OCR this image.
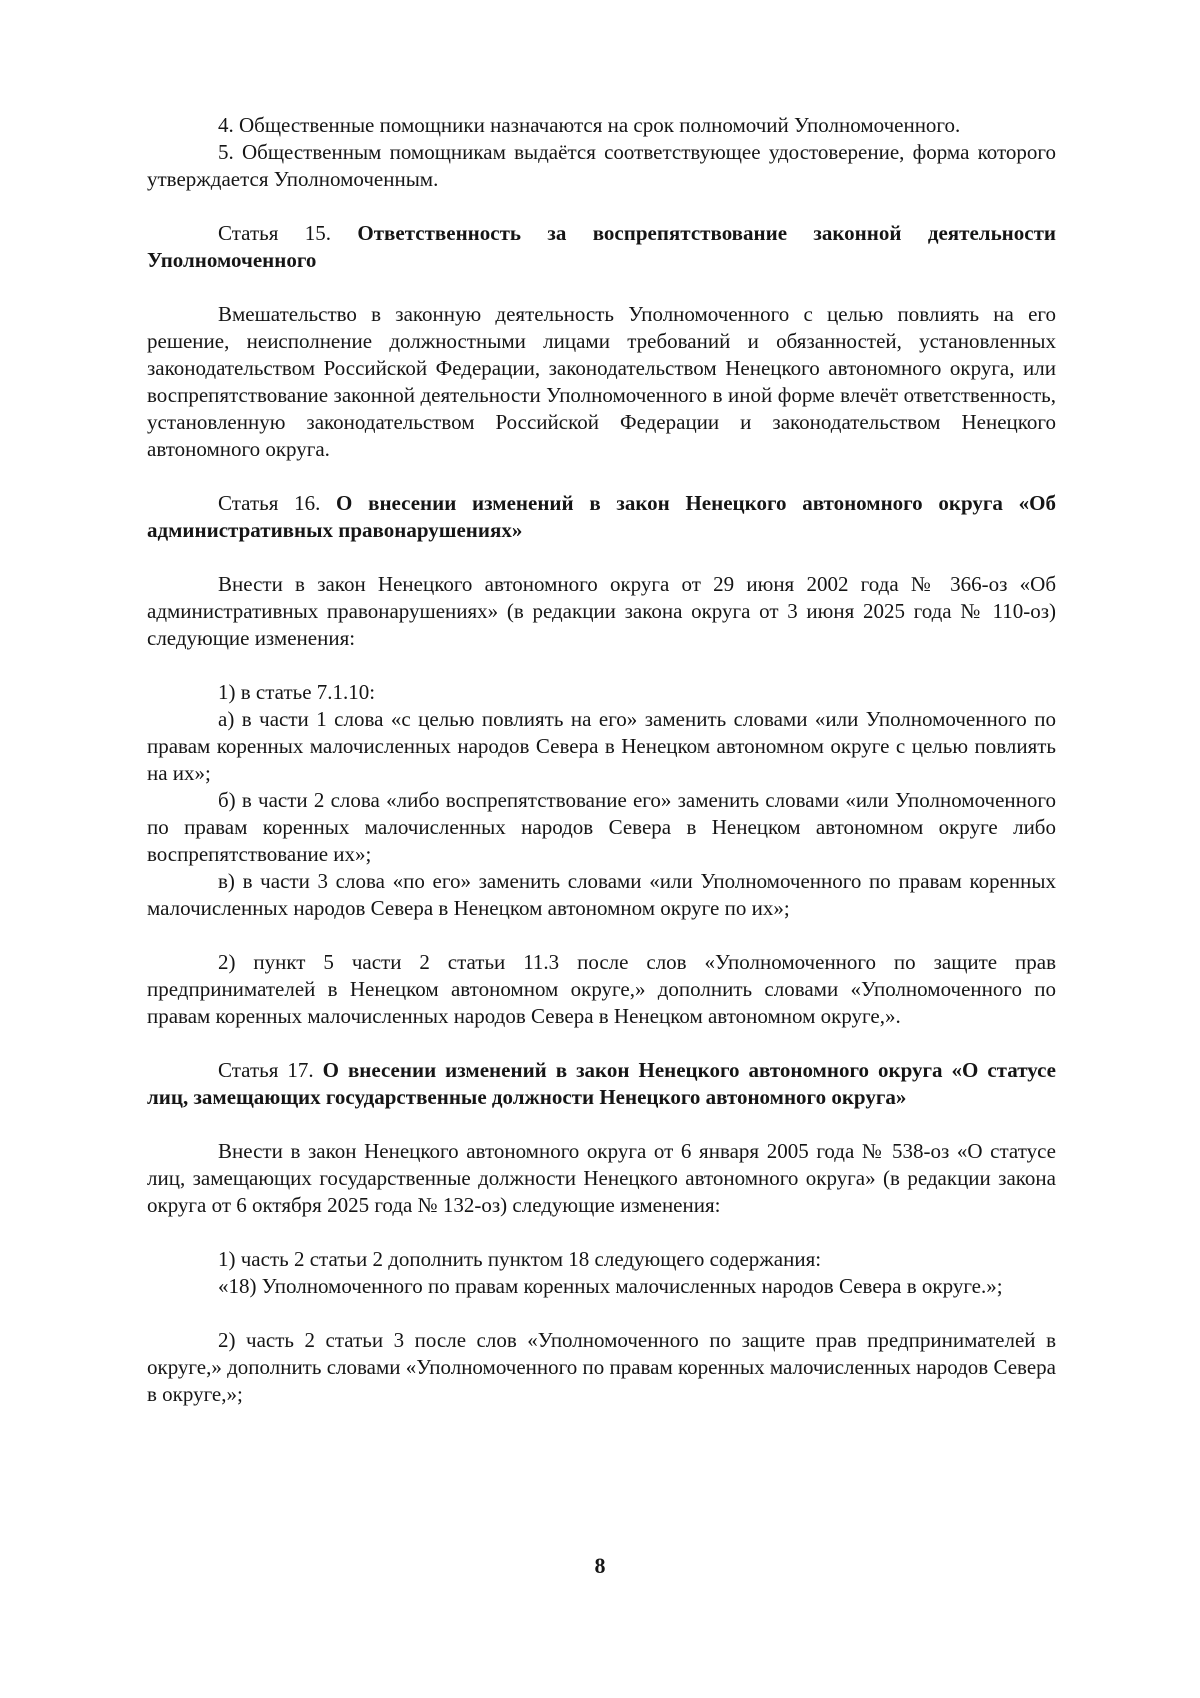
4. Общественные помощники назначаются на срок полномочий Уполномоченного.

5. Общественным помощникам выдаётся соответствующее удостоверение, форма которого утверждается Уполномоченным.

Статья 15. Ответственность за воспрепятствование законной деятельности Уполномоченного

Вмешательство в законную деятельность Уполномоченного с целью повлиять на его решение, неисполнение должностными лицами требований и обязанностей, установленных законодательством Российской Федерации, законодательством Ненецкого автономного округа, или воспрепятствование законной деятельности Уполномоченного в иной форме влечёт ответственность, установленную законодательством Российской Федерации и законодательством Ненецкого автономного округа.

Статья 16. О внесении изменений в закон Ненецкого автономного округа «Об административных правонарушениях»

Внести в закон Ненецкого автономного округа от 29 июня 2002 года № 366-оз «Об административных правонарушениях» (в редакции закона округа от 3 июня 2025 года № 110-оз) следующие изменения:

1) в статье 7.1.10:

а) в части 1 слова «с целью повлиять на его» заменить словами «или Уполномоченного по правам коренных малочисленных народов Севера в Ненецком автономном округе с целью повлиять на их»;

б) в части 2 слова «либо воспрепятствование его» заменить словами «или Уполномоченного по правам коренных малочисленных народов Севера в Ненецком автономном округе либо воспрепятствование их»;

в) в части 3 слова «по его» заменить словами «или Уполномоченного по правам коренных малочисленных народов Севера в Ненецком автономном округе по их»;

2) пункт 5 части 2 статьи 11.3 после слов «Уполномоченного по защите прав предпринимателей в Ненецком автономном округе,» дополнить словами «Уполномоченного по правам коренных малочисленных народов Севера в Ненецком автономном округе,».

Статья 17. О внесении изменений в закон Ненецкого автономного округа «О статусе лиц, замещающих государственные должности Ненецкого автономного округа»

Внести в закон Ненецкого автономного округа от 6 января 2005 года № 538-оз «О статусе лиц, замещающих государственные должности Ненецкого автономного округа» (в редакции закона округа от 6 октября 2025 года № 132-оз) следующие изменения:

1) часть 2 статьи 2 дополнить пунктом 18 следующего содержания:

«18) Уполномоченного по правам коренных малочисленных народов Севера в округе.»;

2) часть 2 статьи 3 после слов «Уполномоченного по защите прав предпринимателей в округе,» дополнить словами «Уполномоченного по правам коренных малочисленных народов Севера в округе,»;

8
